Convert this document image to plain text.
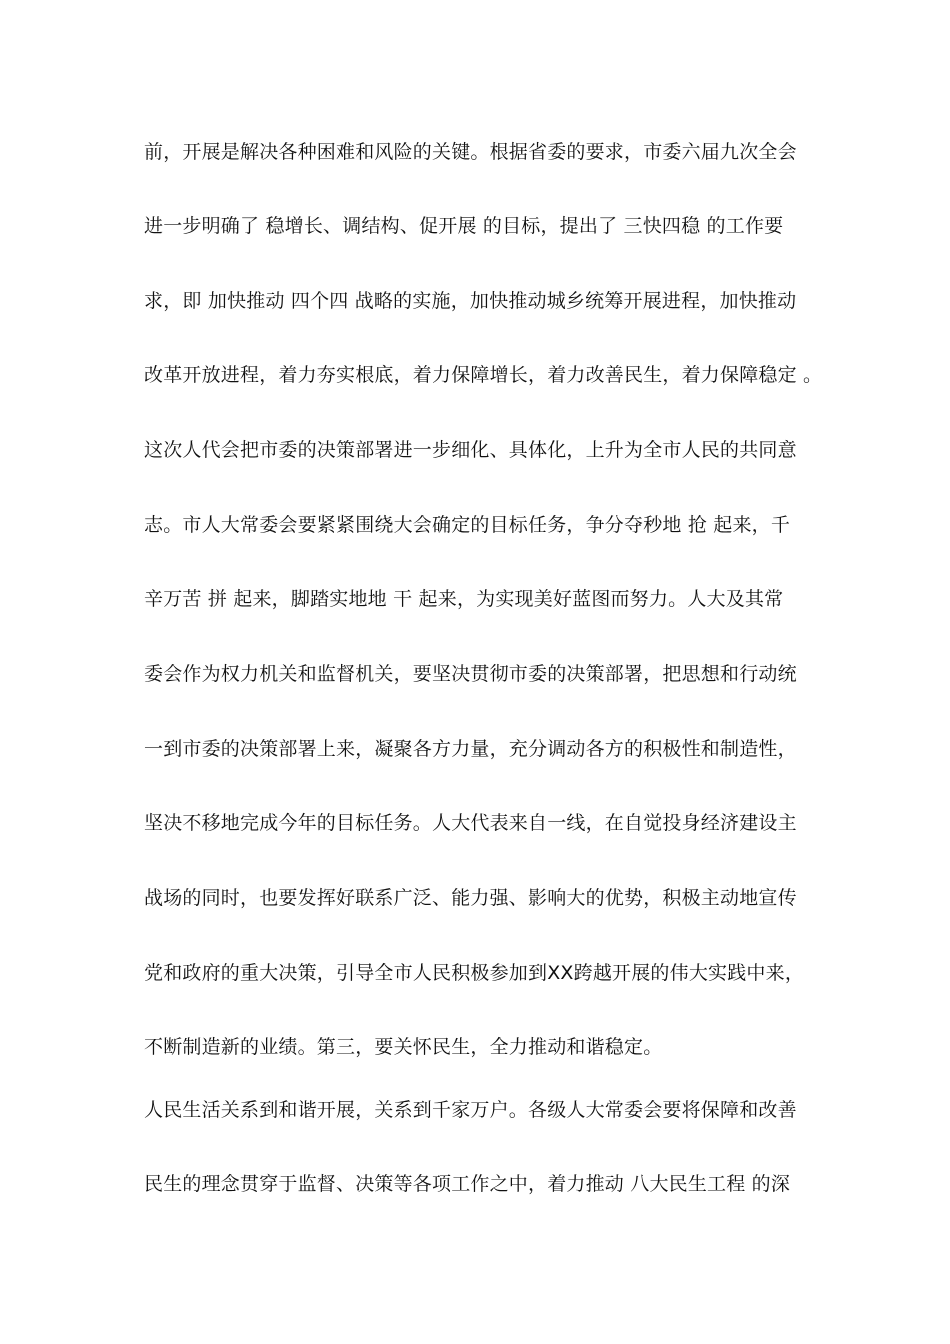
前，开展是解决各种困难和风险的关键。根据省委的要求，市委六届九次全会
进一步明确了 稳增长、调结构、促开展 的目标，提出了 三快四稳 的工作要
求，即 加快推动 四个四 战略的实施，加快推动城乡统筹开展进程，加快推动
改革开放进程，着力夯实根底，着力保障增长，着力改善民生，着力保障稳定 。
这次人代会把市委的决策部署进一步细化、具体化，上升为全市人民的共同意
志。市人大常委会要紧紧围绕大会确定的目标任务，争分夺秒地 抢 起来，千
辛万苦 拼 起来，脚踏实地地 干 起来，为实现美好蓝图而努力。人大及其常
委会作为权力机关和监督机关，要坚决贯彻市委的决策部署，把思想和行动统
一到市委的决策部署上来，凝聚各方力量，充分调动各方的积极性和制造性，
坚决不移地完成今年的目标任务。人大代表来自一线，在自觉投身经济建设主
战场的同时，也要发挥好联系广泛、能力强、影响大的优势，积极主动地宣传
党和政府的重大决策，引导全市人民积极参加到XX跨越开展的伟大实践中来，
不断制造新的业绩。第三，要关怀民生，全力推动和谐稳定。
人民生活关系到和谐开展，关系到千家万户。各级人大常委会要将保障和改善
民生的理念贯穿于监督、决策等各项工作之中，着力推动 八大民生工程 的深
